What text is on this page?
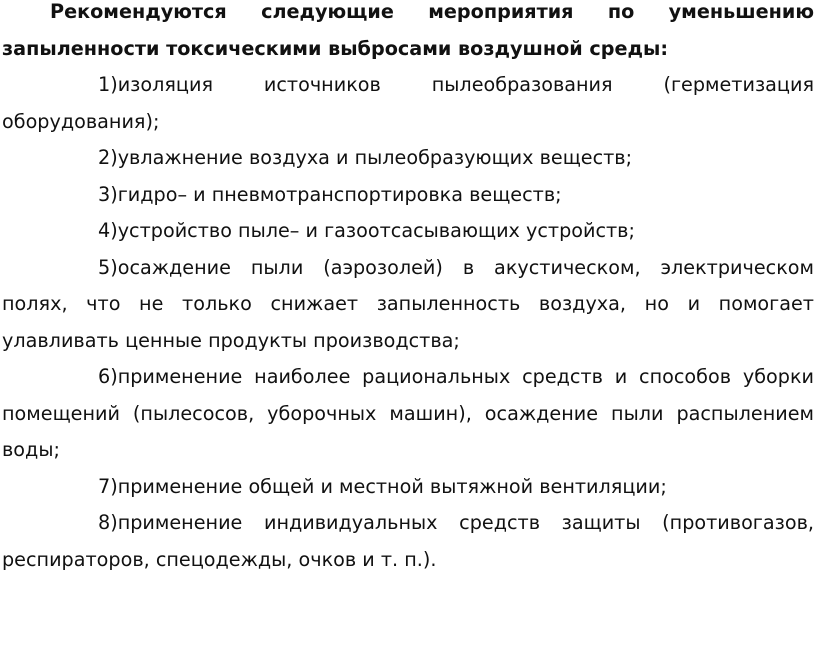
Рекомендуются следующие мероприятия по уменьшению запыленности токсическими выбросами воздушной среды:

1)изоляция источников пылеобразования (герметизация оборудования);

2)увлажнение воздуха и пылеобразующих веществ;

3)гидро– и пневмотранспортировка веществ;

4)устройство пыле– и газоотсасывающих устройств;

5)осаждение пыли (аэрозолей) в акустическом, электрическом полях, что не только снижает запыленность воздуха, но и помогает улавливать ценные продукты производства;

6)применение наиболее рациональных средств и способов уборки помещений (пылесосов, уборочных машин), осаждение пыли распылением воды;

7)применение общей и местной вытяжной вентиляции;

8)применение индивидуальных средств защиты (противогазов, респираторов, спецодежды, очков и т. п.).
